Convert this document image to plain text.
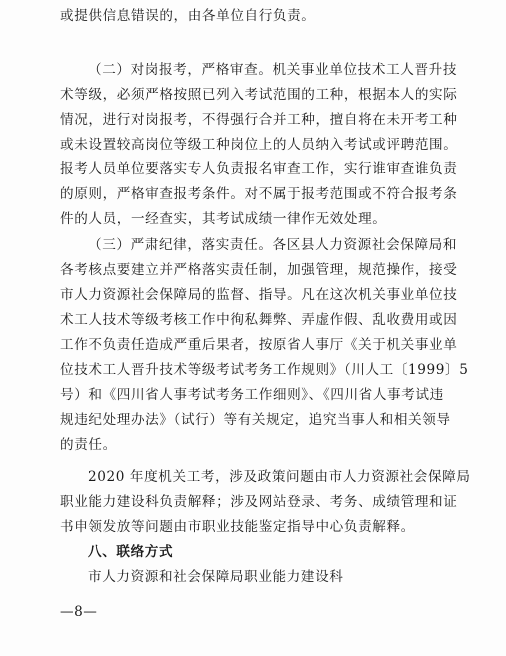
或提供信息错误的，由各单位自行负责。
（二）对岗报考，严格审查。机关事业单位技术工人晋升技
术等级，必须严格按照已列入考试范围的工种，根据本人的实际
情况，进行对岗报考，不得强行合并工种，擅自将在未开考工种
或未设置较高岗位等级工种岗位上的人员纳入考试或评聘范围。
报考人员单位要落实专人负责报名审查工作，实行谁审查谁负责
的原则，严格审查报考条件。对不属于报考范围或不符合报考条
件的人员，一经查实，其考试成绩一律作无效处理。
（三）严肃纪律，落实责任。各区县人力资源社会保障局和
各考核点要建立并严格落实责任制，加强管理，规范操作，接受
市人力资源社会保障局的监督、指导。凡在这次机关事业单位技
术工人技术等级考核工作中徇私舞弊、弄虚作假、乱收费用或因
工作不负责任造成严重后果者，按原省人事厅《关于机关事业单
位技术工人晋升技术等级考试考务工作规则》（川人工〔1999〕5
号）和《四川省人事考试考务工作细则》、《四川省人事考试违
规违纪处理办法》（试行）等有关规定，追究当事人和相关领导
的责任。
2020 年度机关工考，涉及政策问题由市人力资源社会保障局
职业能力建设科负责解释；涉及网站登录、考务、成绩管理和证
书申领发放等问题由市职业技能鉴定指导中心负责解释。
八、联络方式
市人力资源和社会保障局职业能力建设科
—8—
